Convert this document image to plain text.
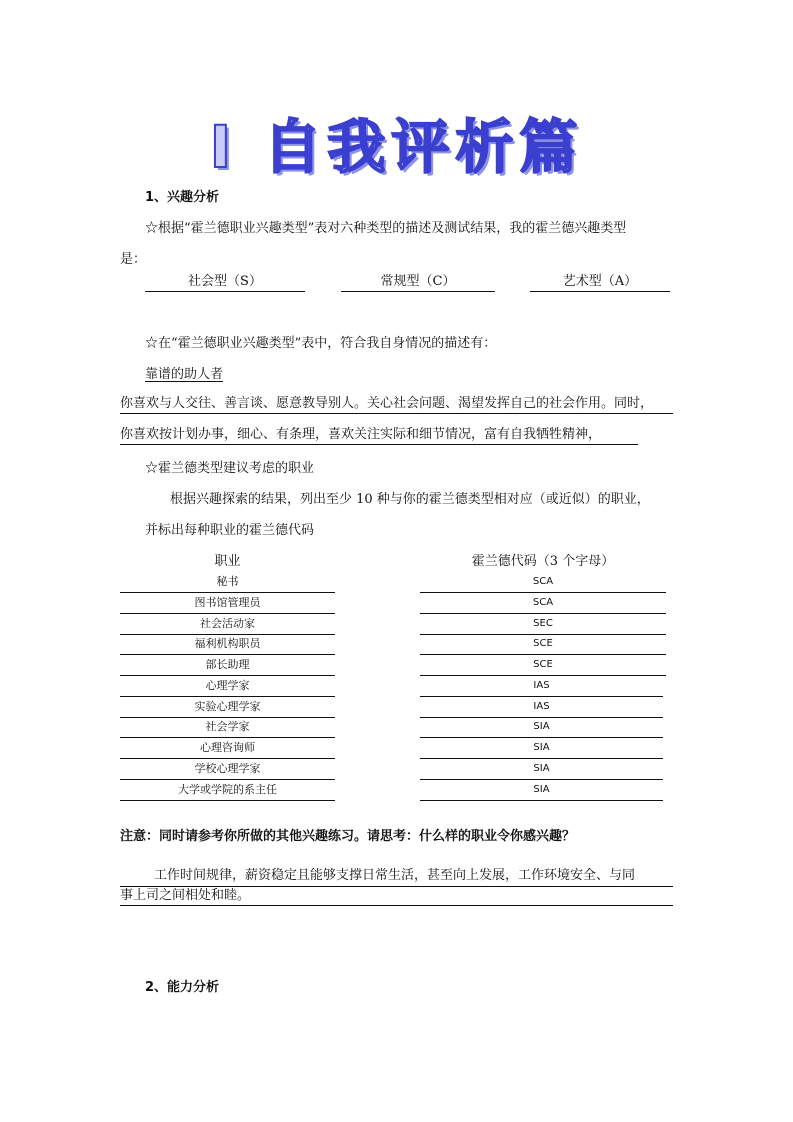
Ⅰ 自我评析篇
1、兴趣分析
☆根据“霍兰德职业兴趣类型”表对六种类型的描述及测试结果，我的霍兰德兴趣类型
是：
社会型（S）	常规型（C）	艺术型（A）
☆在“霍兰德职业兴趣类型”表中，符合我自身情况的描述有：
靠谱的助人者
你喜欢与人交往、善言谈、愿意教导别人。关心社会问题、渴望发挥自己的社会作用。同时，
你喜欢按计划办事，细心、有条理，喜欢关注实际和细节情况，富有自我牺牲精神，
☆霍兰德类型建议考虑的职业
根据兴趣探索的结果，列出至少 10 种与你的霍兰德类型相对应（或近似）的职业，
并标出每种职业的霍兰德代码
职业	霍兰德代码（3 个字母）
秘书	SCA
图书馆管理员	SCA
社会活动家	SEC
福利机构职员	SCE
部长助理	SCE
心理学家	IAS
实验心理学家	IAS
社会学家	SIA
心理咨询师	SIA
学校心理学家	SIA
大学或学院的系主任	SIA
注意：同时请参考你所做的其他兴趣练习。请思考：什么样的职业令你感兴趣？
工作时间规律，薪资稳定且能够支撑日常生活，甚至向上发展，工作环境安全、与同
事上司之间相处和睦。
2、能力分析
